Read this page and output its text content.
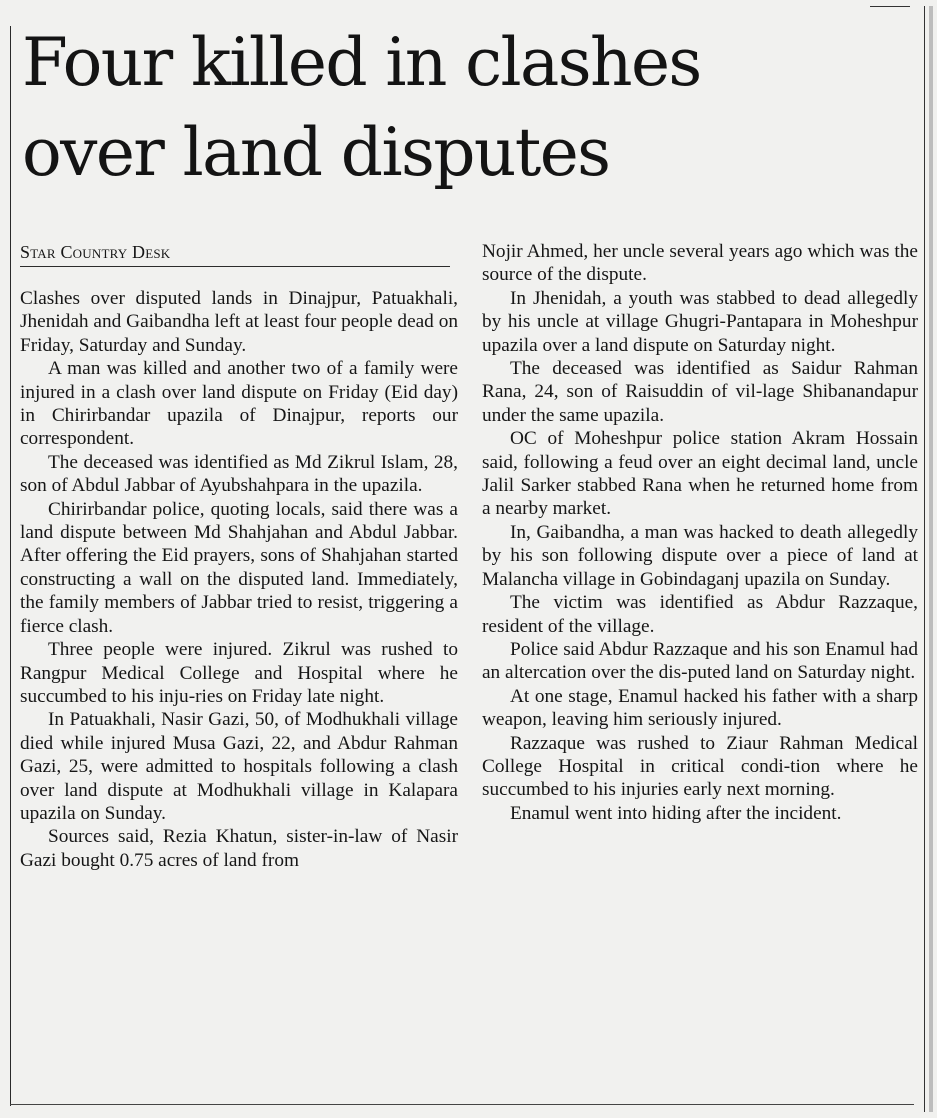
Four killed in clashes
over land disputes
Star Country Desk

Clashes over disputed lands in Dinajpur, Patuakhali, Jhenidah and Gaibandha left at least four people dead on Friday, Saturday and Sunday.

A man was killed and another two of a family were injured in a clash over land dispute on Friday (Eid day) in Chirirbandar upazila of Dinajpur, reports our correspondent.

The deceased was identified as Md Zikrul Islam, 28, son of Abdul Jabbar of Ayubshahpara in the upazila.

Chirirbandar police, quoting locals, said there was a land dispute between Md Shahjahan and Abdul Jabbar. After offering the Eid prayers, sons of Shahjahan started constructing a wall on the disputed land. Immediately, the family members of Jabbar tried to resist, triggering a fierce clash.

Three people were injured. Zikrul was rushed to Rangpur Medical College and Hospital where he succumbed to his inju-ries on Friday late night.

In Patuakhali, Nasir Gazi, 50, of Modhukhali village died while injured Musa Gazi, 22, and Abdur Rahman Gazi, 25, were admitted to hospitals following a clash over land dispute at Modhukhali village in Kalapara upazila on Sunday.

Sources said, Rezia Khatun, sister-in-law of Nasir Gazi bought 0.75 acres of land from

Nojir Ahmed, her uncle several years ago which was the source of the dispute.

In Jhenidah, a youth was stabbed to dead allegedly by his uncle at village Ghugri-Pantapara in Moheshpur upazila over a land dispute on Saturday night.

The deceased was identified as Saidur Rahman Rana, 24, son of Raisuddin of vil-lage Shibanandapur under the same upazila.

OC of Moheshpur police station Akram Hossain said, following a feud over an eight decimal land, uncle Jalil Sarker stabbed Rana when he returned home from a nearby market.

In, Gaibandha, a man was hacked to death allegedly by his son following dispute over a piece of land at Malancha village in Gobindaganj upazila on Sunday.

The victim was identified as Abdur Razzaque, resident of the village.

Police said Abdur Razzaque and his son Enamul had an altercation over the dis-puted land on Saturday night.

At one stage, Enamul hacked his father with a sharp weapon, leaving him seriously injured.

Razzaque was rushed to Ziaur Rahman Medical College Hospital in critical condi-tion where he succumbed to his injuries early next morning.

Enamul went into hiding after the incident.
